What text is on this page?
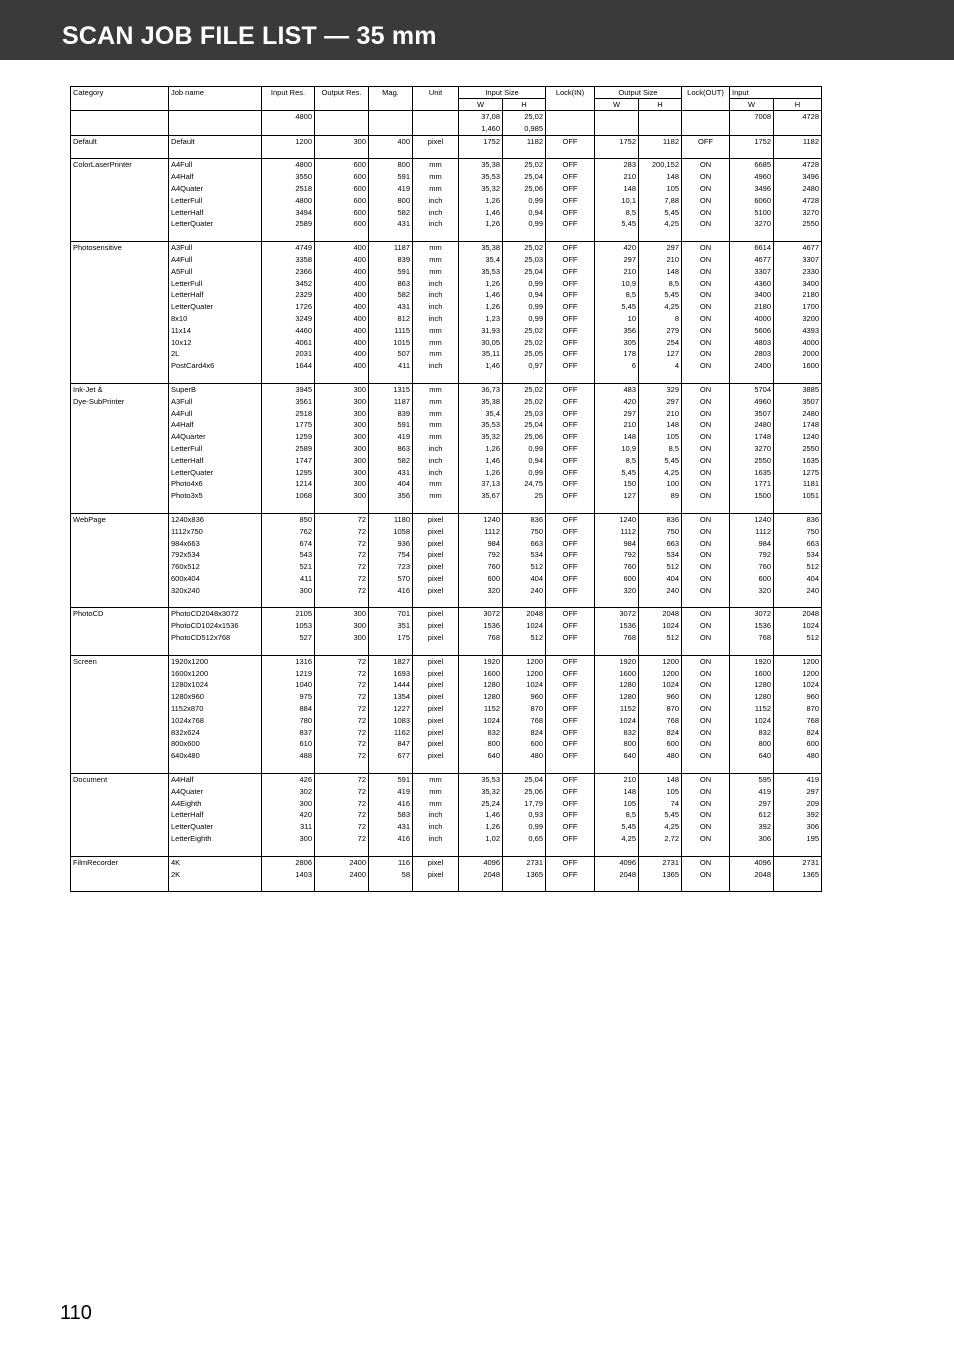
SCAN JOB FILE LIST — 35 mm
Category	Job name	Input Res.	Output Res.	Mag.	Unit	Input Size		Lock(IN)	Output Size		Lock(OUT)	Input	
						W	H		W	H		W	H
		4800				37,08	25,02					7008	4728
						1,460	0,985						
Default	Default	1200	300	400	pixel	1752	1182	OFF	1752	1182	OFF	1752	1182

ColorLaserPrinter	A4Full	4800	600	800	mm	35,38	25,02	OFF	283	200,152	ON	6685	4728
	A4Half	3550	600	591	mm	35,53	25,04	OFF	210	148	ON	4960	3496
	A4Quater	2518	600	419	mm	35,32	25,06	OFF	148	105	ON	3496	2480
	LetterFull	4800	600	800	inch	1,26	0,99	OFF	10,1	7,88	ON	6060	4728
	LetterHalf	3494	600	582	inch	1,46	0,94	OFF	8,5	5,45	ON	5100	3270
	LetterQuater	2589	600	431	inch	1,26	0,99	OFF	5,45	4,25	ON	3270	2550

Photosensitive	A3Full	4749	400	1187	mm	35,38	25,02	OFF	420	297	ON	6614	4677
	A4Full	3358	400	839	mm	35,4	25,03	OFF	297	210	ON	4677	3307
	A5Full	2366	400	591	mm	35,53	25,04	OFF	210	148	ON	3307	2330
	LetterFull	3452	400	863	inch	1,26	0,99	OFF	10,9	8,5	ON	4360	3400
	LetterHalf	2329	400	582	inch	1,46	0,94	OFF	8,5	5,45	ON	3400	2180
	LetterQuater	1726	400	431	inch	1,26	0,99	OFF	5,45	4,25	ON	2180	1700
	8x10	3249	400	812	inch	1,23	0,99	OFF	10	8	ON	4000	3200
	11x14	4460	400	1115	mm	31,93	25,02	OFF	356	279	ON	5606	4393
	10x12	4061	400	1015	mm	30,05	25,02	OFF	305	254	ON	4803	4000
	2L	2031	400	507	mm	35,11	25,05	OFF	178	127	ON	2803	2000
	PostCard4x6	1644	400	411	inch	1,46	0,97	OFF	6	4	ON	2400	1600

Ink-Jet &	SuperB	3945	300	1315	mm	36,73	25,02	OFF	483	329	ON	5704	3885
Dye-SubPrinter	A3Full	3561	300	1187	mm	35,38	25,02	OFF	420	297	ON	4960	3507
	A4Full	2518	300	839	mm	35,4	25,03	OFF	297	210	ON	3507	2480
	A4Half	1775	300	591	mm	35,53	25,04	OFF	210	148	ON	2480	1748
	A4Quarter	1259	300	419	mm	35,32	25,06	OFF	148	105	ON	1748	1240
	LetterFull	2589	300	863	inch	1,26	0,99	OFF	10,9	8,5	ON	3270	2550
	LetterHalf	1747	300	582	inch	1,46	0,94	OFF	8,5	5,45	ON	2550	1635
	LetterQuater	1295	300	431	inch	1,26	0,99	OFF	5,45	4,25	ON	1635	1275
	Photo4x6	1214	300	404	mm	37,13	24,75	OFF	150	100	ON	1771	1181
	Photo3x5	1068	300	356	mm	35,67	25	OFF	127	89	ON	1500	1051

WebPage	1240x836	850	72	1180	pixel	1240	836	OFF	1240	836	ON	1240	836
	1112x750	762	72	1058	pixel	1112	750	OFF	1112	750	ON	1112	750
	984x663	674	72	936	pixel	984	663	OFF	984	663	ON	984	663
	792x534	543	72	754	pixel	792	534	OFF	792	534	ON	792	534
	760x512	521	72	723	pixel	760	512	OFF	760	512	ON	760	512
	600x404	411	72	570	pixel	600	404	OFF	600	404	ON	600	404
	320x240	300	72	416	pixel	320	240	OFF	320	240	ON	320	240

PhotoCD	PhotoCD2048x3072	2105	300	701	pixel	3072	2048	OFF	3072	2048	ON	3072	2048
	PhotoCD1024x1536	1053	300	351	pixel	1536	1024	OFF	1536	1024	ON	1536	1024
	PhotoCD512x768	527	300	175	pixel	768	512	OFF	768	512	ON	768	512

Screen	1920x1200	1316	72	1827	pixel	1920	1200	OFF	1920	1200	ON	1920	1200
	1600x1200	1219	72	1693	pixel	1600	1200	OFF	1600	1200	ON	1600	1200
	1280x1024	1040	72	1444	pixel	1280	1024	OFF	1280	1024	ON	1280	1024
	1280x960	975	72	1354	pixel	1280	960	OFF	1280	960	ON	1280	960
	1152x870	884	72	1227	pixel	1152	870	OFF	1152	870	ON	1152	870
	1024x768	780	72	1083	pixel	1024	768	OFF	1024	768	ON	1024	768
	832x624	837	72	1162	pixel	832	824	OFF	832	824	ON	832	824
	800x600	610	72	847	pixel	800	600	OFF	800	600	ON	800	600
	640x480	488	72	677	pixel	640	480	OFF	640	480	ON	640	480

Document	A4Half	426	72	591	mm	35,53	25,04	OFF	210	148	ON	595	419
	A4Quater	302	72	419	mm	35,32	25,06	OFF	148	105	ON	419	297
	A4Eighth	300	72	416	mm	25,24	17,79	OFF	105	74	ON	297	209
	LetterHalf	420	72	583	inch	1,46	0,93	OFF	8,5	5,45	ON	612	392
	LetterQuater	311	72	431	inch	1,26	0,99	OFF	5,45	4,25	ON	392	306
	LetterEighth	300	72	416	inch	1,02	0,65	OFF	4,25	2,72	ON	306	195

FilmRecorder	4K	2806	2400	116	pixel	4096	2731	OFF	4096	2731	ON	4096	2731
	2K	1403	2400	58	pixel	2048	1365	OFF	2048	1365	ON	2048	1365

110
